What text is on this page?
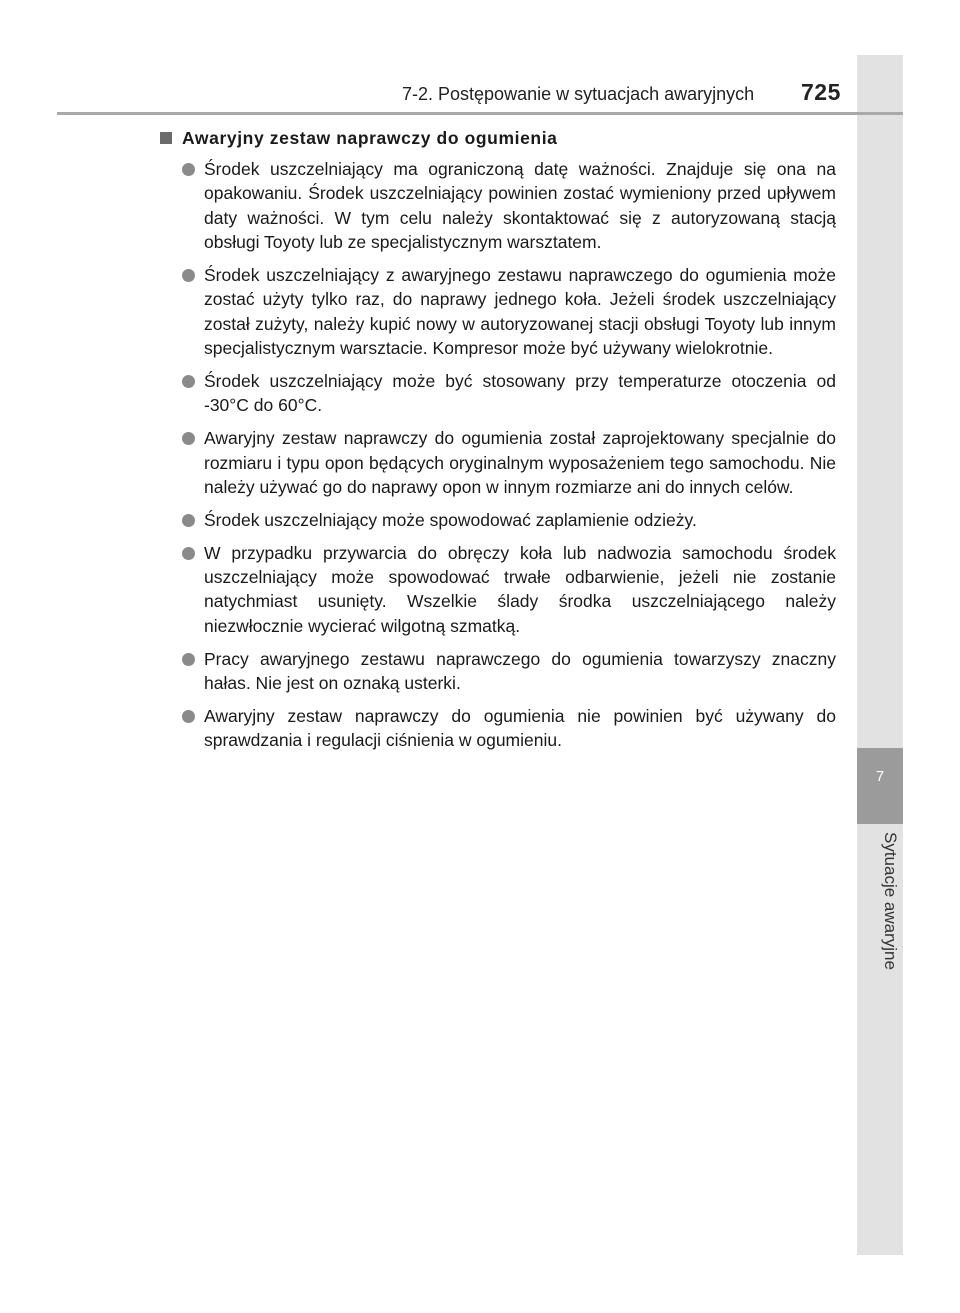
7
Sytuacje awaryjne
7-2. Postępowanie w sytuacjach awaryjnych 725
Awaryjny zestaw naprawczy do ogumienia
Środek uszczelniający ma ograniczoną datę ważności. Znajduje się ona na opakowaniu. Środek uszczelniający powinien zostać wymieniony przed upływem daty ważności. W tym celu należy skontaktować się z autoryzowaną stacją obsługi Toyoty lub ze specjalistycznym warsztatem.
Środek uszczelniający z awaryjnego zestawu naprawczego do ogumienia może zostać użyty tylko raz, do naprawy jednego koła. Jeżeli środek uszczelniający został zużyty, należy kupić nowy w autoryzowanej stacji obsługi Toyoty lub innym specjalistycznym warsztacie. Kompresor może być używany wielokrotnie.
Środek uszczelniający może być stosowany przy temperaturze otoczenia od -30°C do 60°C.
Awaryjny zestaw naprawczy do ogumienia został zaprojektowany specjalnie do rozmiaru i typu opon będących oryginalnym wyposażeniem tego samochodu. Nie należy używać go do naprawy opon w innym rozmiarze ani do innych celów.
Środek uszczelniający może spowodować zaplamienie odzieży.
W przypadku przywarcia do obręczy koła lub nadwozia samochodu środek uszczelniający może spowodować trwałe odbarwienie, jeżeli nie zostanie natychmiast usunięty. Wszelkie ślady środka uszczelniającego należy niezwłocznie wycierać wilgotną szmatką.
Pracy awaryjnego zestawu naprawczego do ogumienia towarzyszy znaczny hałas. Nie jest on oznaką usterki.
Awaryjny zestaw naprawczy do ogumienia nie powinien być używany do sprawdzania i regulacji ciśnienia w ogumieniu.
